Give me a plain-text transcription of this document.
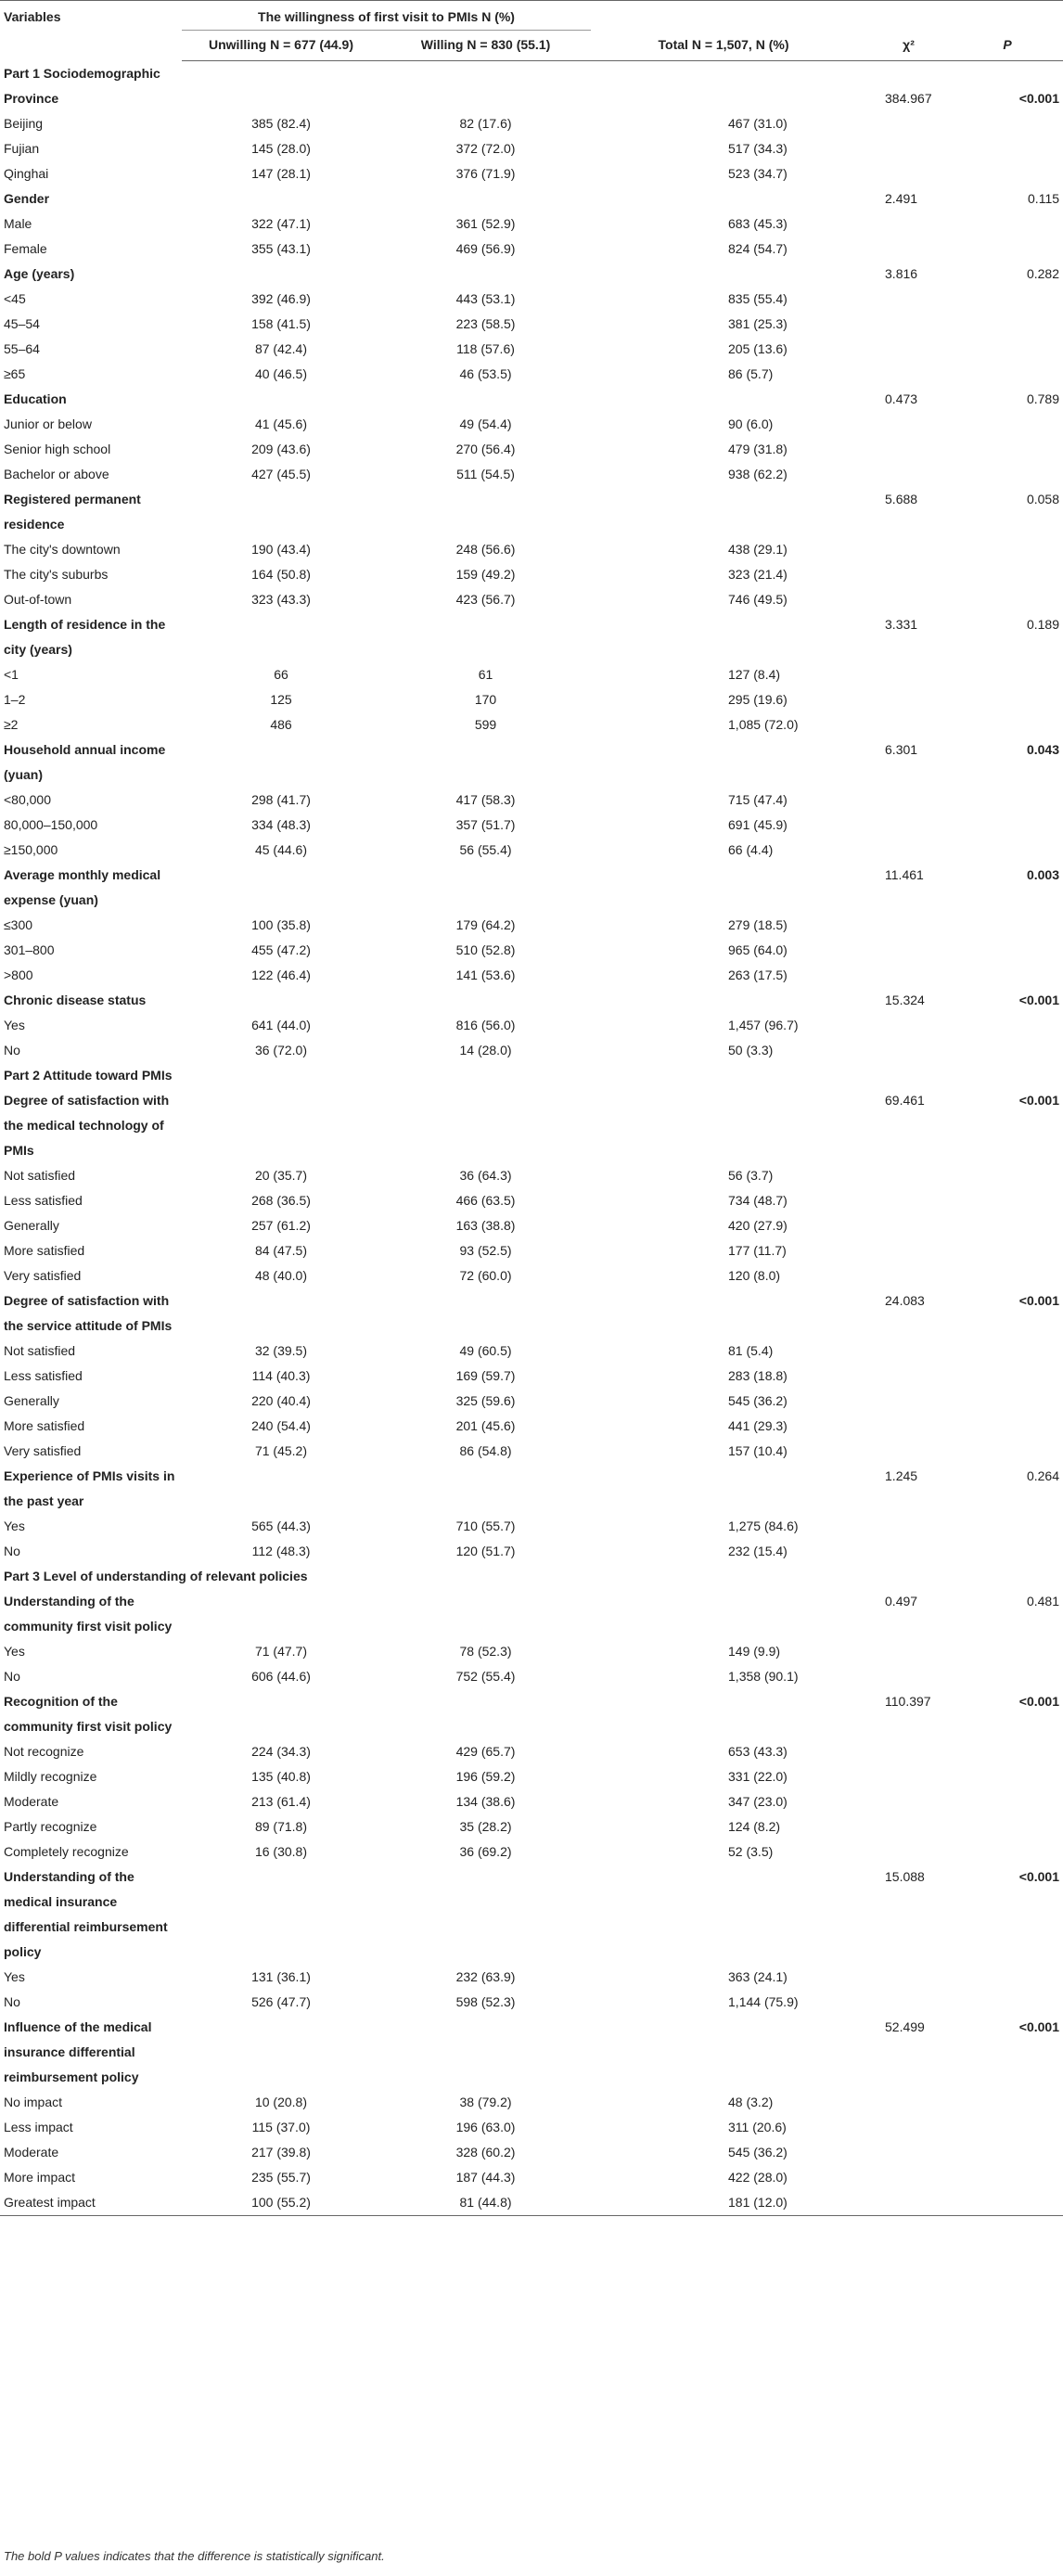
Variables	The willingness of first visit to PMIs N (%)				
	Unwilling N = 677 (44.9)	Willing N = 830 (55.1)	Total N = 1,507, N (%)	χ²	P
Part 1 Sociodemographic					
Province				384.967	<0.001
Beijing	385 (82.4)	82 (17.6)	467 (31.0)		
Fujian	145 (28.0)	372 (72.0)	517 (34.3)		
Qinghai	147 (28.1)	376 (71.9)	523 (34.7)		
Gender				2.491	0.115
Male	322 (47.1)	361 (52.9)	683 (45.3)		
Female	355 (43.1)	469 (56.9)	824 (54.7)		
Age (years)				3.816	0.282
<45	392 (46.9)	443 (53.1)	835 (55.4)		
45–54	158 (41.5)	223 (58.5)	381 (25.3)		
55–64	87 (42.4)	118 (57.6)	205 (13.6)		
≥65	40 (46.5)	46 (53.5)	86 (5.7)		
Education				0.473	0.789
Junior or below	41 (45.6)	49 (54.4)	90 (6.0)		
Senior high school	209 (43.6)	270 (56.4)	479 (31.8)		
Bachelor or above	427 (45.5)	511 (54.5)	938 (62.2)		
Registered permanent residence				5.688	0.058
The city's downtown	190 (43.4)	248 (56.6)	438 (29.1)		
The city's suburbs	164 (50.8)	159 (49.2)	323 (21.4)		
Out-of-town	323 (43.3)	423 (56.7)	746 (49.5)		
Length of residence in the city (years)				3.331	0.189
<1	66	61	127 (8.4)		
1–2	125	170	295 (19.6)		
≥2	486	599	1,085 (72.0)		
Household annual income (yuan)				6.301	0.043
<80,000	298 (41.7)	417 (58.3)	715 (47.4)		
80,000–150,000	334 (48.3)	357 (51.7)	691 (45.9)		
≥150,000	45 (44.6)	56 (55.4)	66 (4.4)		
Average monthly medical expense (yuan)				11.461	0.003
≤300	100 (35.8)	179 (64.2)	279 (18.5)		
301–800	455 (47.2)	510 (52.8)	965 (64.0)		
>800	122 (46.4)	141 (53.6)	263 (17.5)		
Chronic disease status				15.324	<0.001
Yes	641 (44.0)	816 (56.0)	1,457 (96.7)		
No	36 (72.0)	14 (28.0)	50 (3.3)		
Part 2 Attitude toward PMIs					
Degree of satisfaction with the medical technology of PMIs				69.461	<0.001
Not satisfied	20 (35.7)	36 (64.3)	56 (3.7)		
Less satisfied	268 (36.5)	466 (63.5)	734 (48.7)		
Generally	257 (61.2)	163 (38.8)	420 (27.9)		
More satisfied	84 (47.5)	93 (52.5)	177 (11.7)		
Very satisfied	48 (40.0)	72 (60.0)	120 (8.0)		
Degree of satisfaction with the service attitude of PMIs				24.083	<0.001
Not satisfied	32 (39.5)	49 (60.5)	81 (5.4)		
Less satisfied	114 (40.3)	169 (59.7)	283 (18.8)		
Generally	220 (40.4)	325 (59.6)	545 (36.2)		
More satisfied	240 (54.4)	201 (45.6)	441 (29.3)		
Very satisfied	71 (45.2)	86 (54.8)	157 (10.4)		
Experience of PMIs visits in the past year				1.245	0.264
Yes	565 (44.3)	710 (55.7)	1,275 (84.6)		
No	112 (48.3)	120 (51.7)	232 (15.4)		
Part 3 Level of understanding of relevant policies					
Understanding of the community first visit policy				0.497	0.481
Yes	71 (47.7)	78 (52.3)	149 (9.9)		
No	606 (44.6)	752 (55.4)	1,358 (90.1)		
Recognition of the community first visit policy				110.397	<0.001
Not recognize	224 (34.3)	429 (65.7)	653 (43.3)		
Mildly recognize	135 (40.8)	196 (59.2)	331 (22.0)		
Moderate	213 (61.4)	134 (38.6)	347 (23.0)		
Partly recognize	89 (71.8)	35 (28.2)	124 (8.2)		
Completely recognize	16 (30.8)	36 (69.2)	52 (3.5)		
Understanding of the medical insurance differential reimbursement policy				15.088	<0.001
Yes	131 (36.1)	232 (63.9)	363 (24.1)		
No	526 (47.7)	598 (52.3)	1,144 (75.9)		
Influence of the medical insurance differential reimbursement policy				52.499	<0.001
No impact	10 (20.8)	38 (79.2)	48 (3.2)		
Less impact	115 (37.0)	196 (63.0)	311 (20.6)		
Moderate	217 (39.8)	328 (60.2)	545 (36.2)		
More impact	235 (55.7)	187 (44.3)	422 (28.0)		
Greatest impact	100 (55.2)	81 (44.8)	181 (12.0)		
The bold P values indicates that the difference is statistically significant.
